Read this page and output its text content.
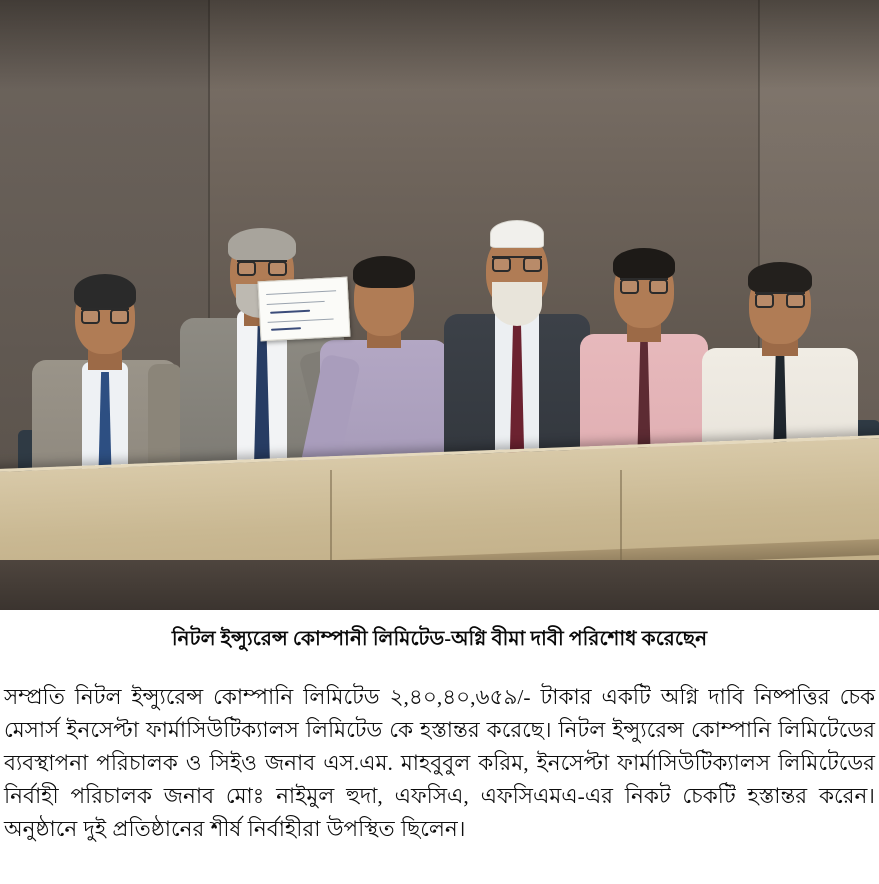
নিটল ইন্স্যুরেন্স কোম্পানী লিমিটেড-অগ্নি বীমা দাবী পরিশোধ করেছেন

সম্প্রতি নিটল ইন্স্যুরেন্স কোম্পানি লিমিটেড ২,৪০,৪০,৬৫৯/- টাকার একটি অগ্নি দাবি নিষ্পত্তির চেক মেসার্স ইনসেপ্টা ফার্মাসিউটিক্যালস লিমিটেড কে হস্তান্তর করেছে। নিটল ইন্স্যুরেন্স কোম্পানি লিমিটেডের ব্যবস্থাপনা পরিচালক ও সিইও জনাব এস.এম. মাহবুবুল করিম, ইনসেপ্টা ফার্মাসিউটিক্যালস লিমিটেডের নির্বাহী পরিচালক জনাব মোঃ নাইমুল হুদা, এফসিএ, এফসিএমএ-এর নিকট চেকটি হস্তান্তর করেন। অনুষ্ঠানে দুই প্রতিষ্ঠানের শীর্ষ নির্বাহীরা উপস্থিত ছিলেন।
